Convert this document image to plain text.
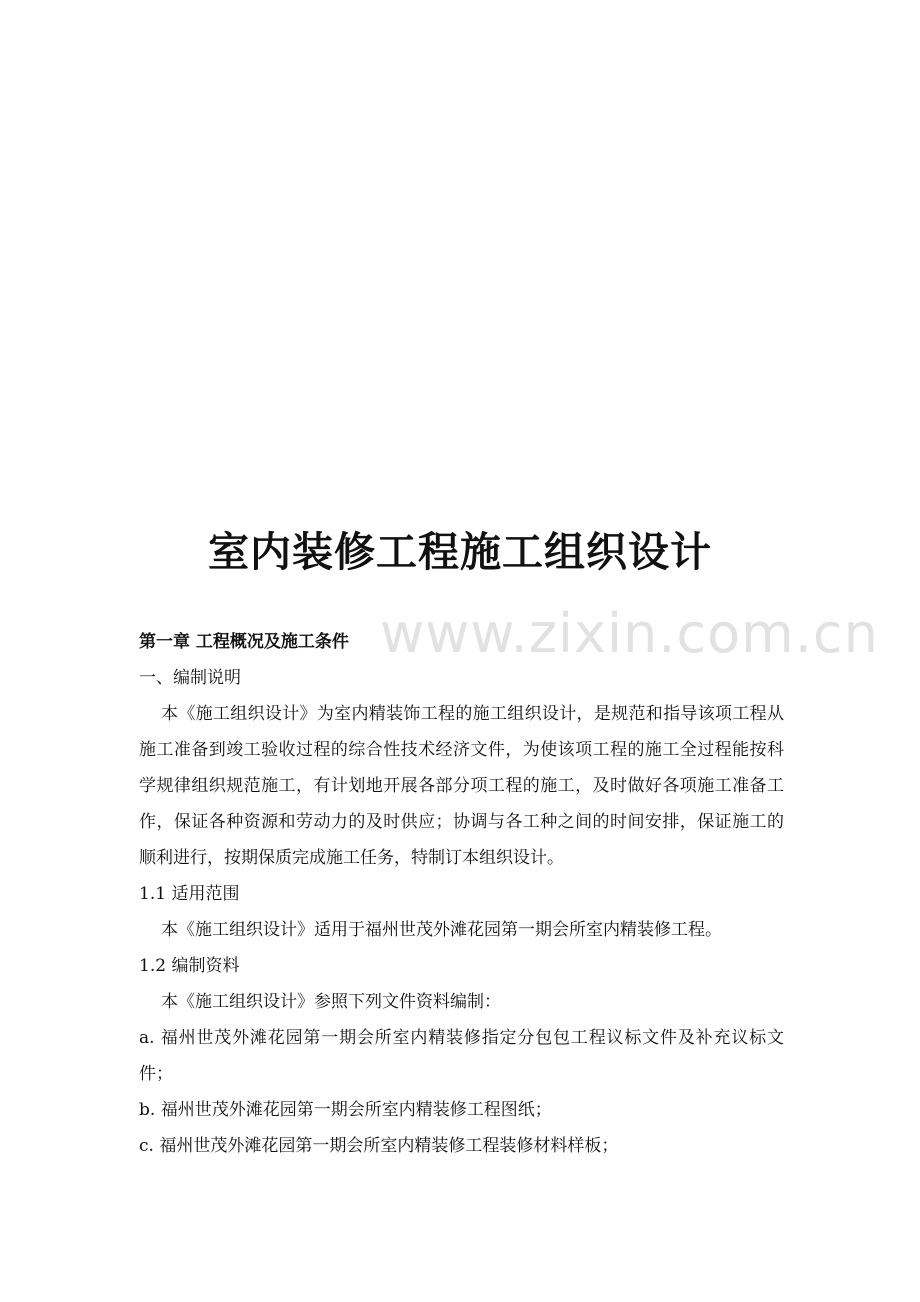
www.zixin.com.cn
室内装修工程施工组织设计

第一章 工程概况及施工条件

一、编制说明

本《施工组织设计》为室内精装饰工程的施工组织设计，是规范和指导该项工程从施工准备到竣工验收过程的综合性技术经济文件，为使该项工程的施工全过程能按科学规律组织规范施工，有计划地开展各部分项工程的施工，及时做好各项施工准备工作，保证各种资源和劳动力的及时供应；协调与各工种之间的时间安排，保证施工的顺利进行，按期保质完成施工任务，特制订本组织设计。

1.1 适用范围

本《施工组织设计》适用于福州世茂外滩花园第一期会所室内精装修工程。

1.2 编制资料

本《施工组织设计》参照下列文件资料编制：

a. 福州世茂外滩花园第一期会所室内精装修指定分包包工程议标文件及补充议标文件；

b. 福州世茂外滩花园第一期会所室内精装修工程图纸；

c. 福州世茂外滩花园第一期会所室内精装修工程装修材料样板；
